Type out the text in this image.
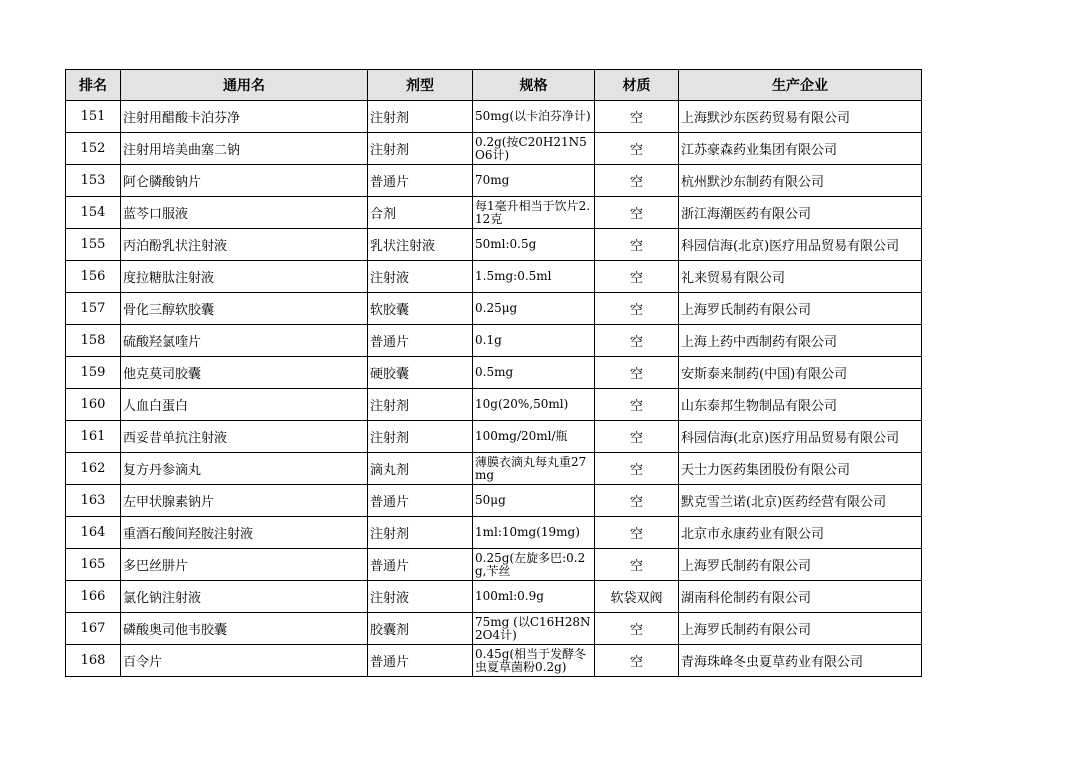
排名	通用名	剂型	规格	材质	生产企业
151	注射用醋酸卡泊芬净	注射剂	50mg(以卡泊芬净计)	空	上海默沙东医药贸易有限公司
152	注射用培美曲塞二钠	注射剂	0.2g(按C20H21N5O6计)	空	江苏豪森药业集团有限公司
153	阿仑膦酸钠片	普通片	70mg	空	杭州默沙东制药有限公司
154	蓝芩口服液	合剂	每1毫升相当于饮片2.12克	空	浙江海潮医药有限公司
155	丙泊酚乳状注射液	乳状注射液	50ml:0.5g	空	科园信海(北京)医疗用品贸易有限公司
156	度拉糖肽注射液	注射液	1.5mg:0.5ml	空	礼来贸易有限公司
157	骨化三醇软胶囊	软胶囊	0.25μg	空	上海罗氏制药有限公司
158	硫酸羟氯喹片	普通片	0.1g	空	上海上药中西制药有限公司
159	他克莫司胶囊	硬胶囊	0.5mg	空	安斯泰来制药(中国)有限公司
160	人血白蛋白	注射剂	10g(20%,50ml)	空	山东泰邦生物制品有限公司
161	西妥昔单抗注射液	注射剂	100mg/20ml/瓶	空	科园信海(北京)医疗用品贸易有限公司
162	复方丹参滴丸	滴丸剂	薄膜衣滴丸每丸重27mg	空	天士力医药集团股份有限公司
163	左甲状腺素钠片	普通片	50μg	空	默克雪兰诺(北京)医药经营有限公司
164	重酒石酸间羟胺注射液	注射剂	1ml:10mg(19mg)	空	北京市永康药业有限公司
165	多巴丝肼片	普通片	0.25g(左旋多巴:0.2g,苄丝	空	上海罗氏制药有限公司
166	氯化钠注射液	注射液	100ml:0.9g	软袋双阀	湖南科伦制药有限公司
167	磷酸奥司他韦胶囊	胶囊剂	75mg (以C16H28N2O4计)	空	上海罗氏制药有限公司
168	百令片	普通片	0.45g(相当于发酵冬虫夏草菌粉0.2g)	空	青海珠峰冬虫夏草药业有限公司
